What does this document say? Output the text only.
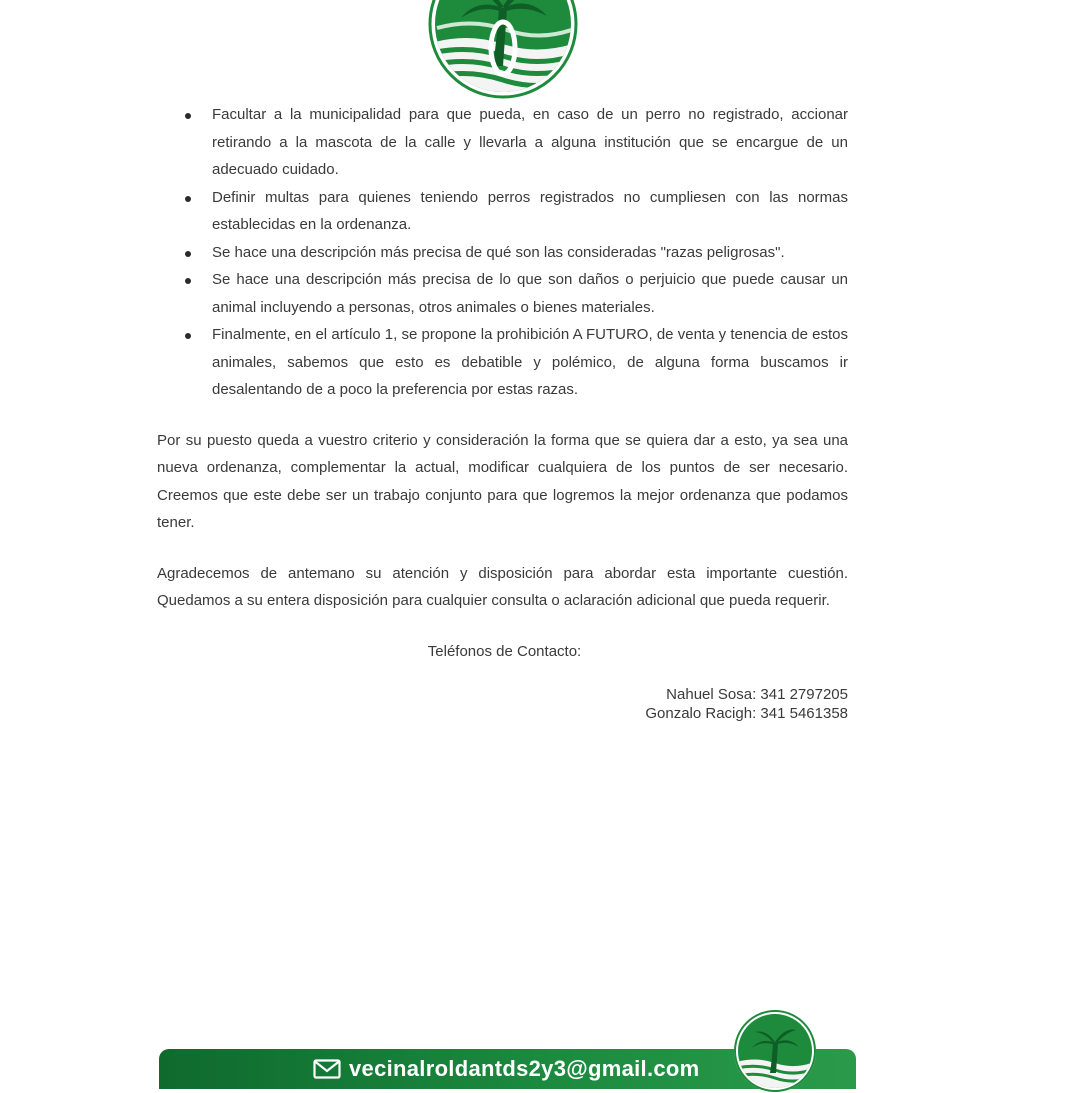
Facultar a la municipalidad para que pueda, en caso de un perro no registrado, accionar retirando a la mascota de la calle y llevarla a alguna institución que se encargue de un adecuado cuidado.
Definir multas para quienes teniendo perros registrados no cumpliesen con las normas establecidas en la ordenanza.
Se hace una descripción más precisa de qué son las consideradas "razas peligrosas".
Se hace una descripción más precisa de lo que son daños o perjuicio que puede causar un animal incluyendo a personas, otros animales o bienes materiales.
Finalmente, en el artículo 1, se propone la prohibición A FUTURO, de venta y tenencia de estos animales, sabemos que esto es debatible y polémico, de alguna forma buscamos ir desalentando de a poco la preferencia por estas razas.

Por su puesto queda a vuestro criterio y consideración la forma que se quiera dar a esto, ya sea una nueva ordenanza, complementar la actual, modificar cualquiera de los puntos de ser necesario. Creemos que este debe ser un trabajo conjunto para que logremos la mejor ordenanza que podamos tener.

Agradecemos de antemano su atención y disposición para abordar esta importante cuestión. Quedamos a su entera disposición para cualquier consulta o aclaración adicional que pueda requerir.

Teléfonos de Contacto:
Nahuel Sosa: 341 2797205
Gonzalo Racigh: 341 5461358
vecinalroldantds2y3@gmail.com
